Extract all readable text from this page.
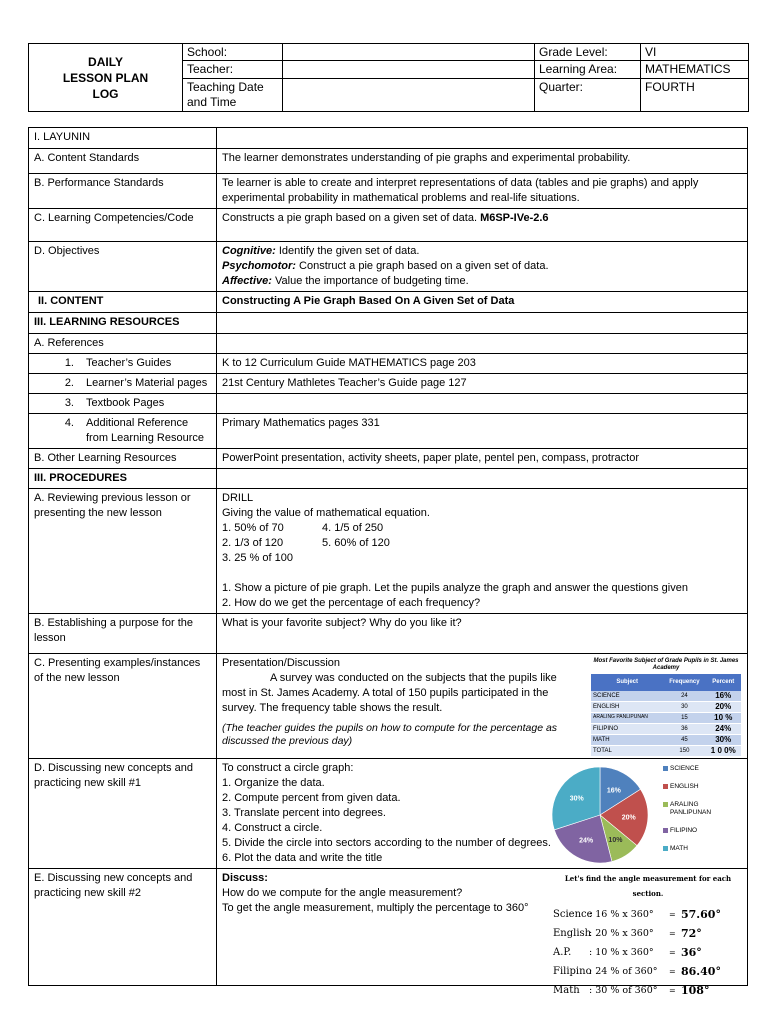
DAILY
LESSON PLAN
LOG	School:		Grade Level:	VI
	Teacher:		Learning Area:	MATHEMATICS

	Teaching Date
and Time		Quarter:	FOURTH
I. LAYUNIN	
A. Content Standards	The learner demonstrates understanding of pie graphs and experimental probability.
B. Performance Standards	Te learner is able to create and interpret representations of data (tables and pie graphs) and apply experimental probability in mathematical problems and real-life situations.
C. Learning Competencies/Code	Constructs a pie graph based on a given set of data. M6SP-IVe-2.6
D. Objectives	Cognitive: Identify the given set of data.
Psychomotor: Construct a pie graph based on a given set of data.
Affective: Value the importance of budgeting time.

II. CONTENT	Constructing A Pie Graph Based On A Given Set of Data
III. LEARNING RESOURCES	
A. References	

1.	Teacher’s Guides	K to 12 Curriculum Guide MATHEMATICS page 203

2.	Learner’s Material pages	21st Century Mathletes Teacher’s Guide page 127

3.	Textbook Pages

4.	Additional Reference
from Learning Resource
	Primary Mathematics pages 331
B. Other Learning Resources	PowerPoint presentation, activity sheets, paper plate, pentel pen, compass, protractor
III. PROCEDURES	
A. Reviewing previous lesson or presenting the new lesson	
DRILL
Giving the value of mathematical equation.
1. 50% of 70	4. 1/5 of 250
2. 1/3 of 120	5. 60% of 120
3. 25 % of 100
1. Show a picture of pie graph. Let the pupils analyze the graph and answer the questions given
2. How do we get the percentage of each frequency?

B. Establishing a purpose for the lesson	What is your favorite subject? Why do you like it?
C. Presenting examples/instances of the new lesson	
Presentation/Discussion
A survey was conducted on the subjects that the pupils like most in St. James Academy. A total of 150 pupils participated in the survey. The frequency table shows the result.
(The teacher guides the pupils on how to compute for the percentage as discussed the previous day)
Most Favorite Subject of Grade Pupils in St. James Academy
Subject	Frequency	Percent
SCIENCE	24	16%
ENGLISH	30	20%
ARALING PANLIPUNAN	15	10 %
FILIPINO	36	24%
MATH	45	30%
TOTAL	150	1 0 0%

D. Discussing new concepts and practicing new skill #1	
To construct a circle graph:
1. Organize the data.
2. Compute percent from given data.
3. Translate percent into degrees.
4. Construct a circle.
5. Divide the circle into sectors according to the number of degrees.
6. Plot the data and write the title
16%
20%
10%
24%
30%
SCIENCE
ENGLISH
ARALING PANLIPUNAN
FILIPINO
MATH

E. Discussing new concepts and practicing new skill #2	
Discuss:
How do we compute for the angle measurement?
To get the angle measurement, multiply the percentage to 360°
Let's find the angle measurement for each section.
Science
: 16 % x 360°	= 57.60°
English
: 20 % x 360°	= 72°
A.P.	: 10 % x 360°	= 36°
Filipino
: 24 % of 360°	= 86.40°
Math : 30 % of 360°	= 108°
